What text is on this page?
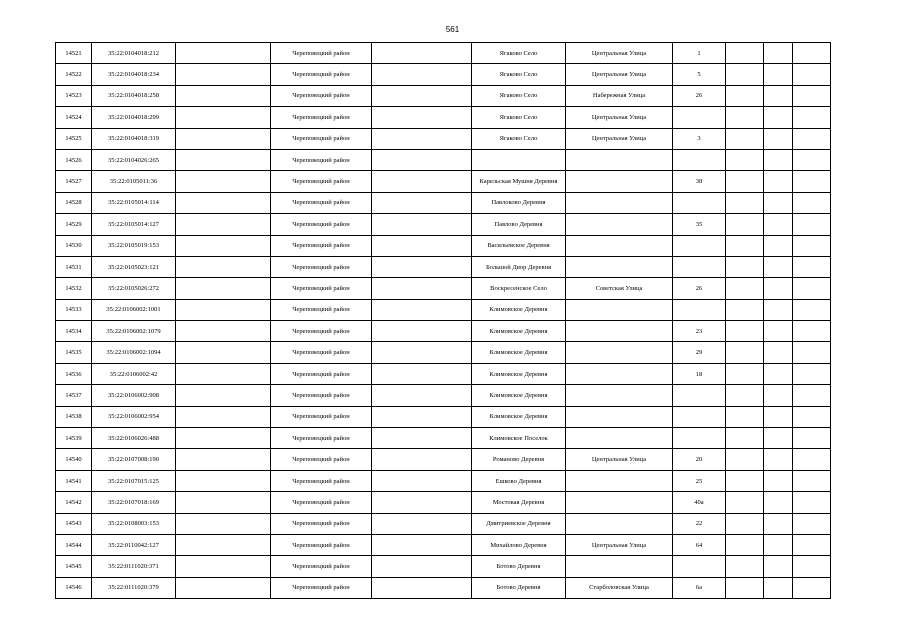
561
14521	35:22:0104018:212		Череповецкий район		Ягаково Село	Центральная Улица	1			
14522	35:22:0104018:234		Череповецкий район		Ягаково Село	Центральная Улица	5			
14523	35:22:0104018:258		Череповецкий район		Ягаково Село	Набережная Улица	26			
14524	35:22:0104018:299		Череповецкий район		Ягаково Село	Центральная Улица				
14525	35:22:0104018:319		Череповецкий район		Ягаково Село	Центральная Улица	3			
14526	35:22:0104026:265		Череповецкий район							
14527	35:22:0105011:36		Череповецкий район		Карельская Мушня Деревня		38			
14528	35:22:0105014:114		Череповецкий район		Павлоково Деревня					
14529	35:22:0105014:127		Череповецкий район		Павлово Деревня		35			
14530	35:22:0105019:153		Череповецкий район		Васильевское Деревня					
14531	35:22:0105023:121		Череповецкий район		Большой Двор Деревня					
14532	35:22:0105026:272		Череповецкий район		Воскресенское Село	Советская Улица	26			
14533	35:22:0106002:1001		Череповецкий район		Климовское Деревня					
14534	35:22:0106002:1079		Череповецкий район		Климовское Деревня		23			
14535	35:22:0106002:1094		Череповецкий район		Климовское Деревня		29			
14536	35:22:0106002:42		Череповецкий район		Климовское Деревня		18			
14537	35:22:0106002:908		Череповецкий район		Климовское Деревня					
14538	35:22:0106002:954		Череповецкий район		Климовское Деревня					
14539	35:22:0106026:488		Череповецкий район		Климовское Поселок					
14540	35:22:0107008:190		Череповецкий район		Романово Деревня	Центральная Улица	20			
14541	35:22:0107015:125		Череповецкий район		Ешково Деревня		25			
14542	35:22:0107018:169		Череповецкий район		Мостовая Деревня		40а			
14543	35:22:0108003:153		Череповецкий район		Дмитриевское Деревня		22			
14544	35:22:0110042:127		Череповецкий район		Михайлово Деревня	Центральная Улица	64			
14545	35:22:0111020:371		Череповецкий район		Ботово Деревня					
14546	35:22:0111020:379		Череповецкий район		Ботово Деревня	Старболовская Улица	6а			
